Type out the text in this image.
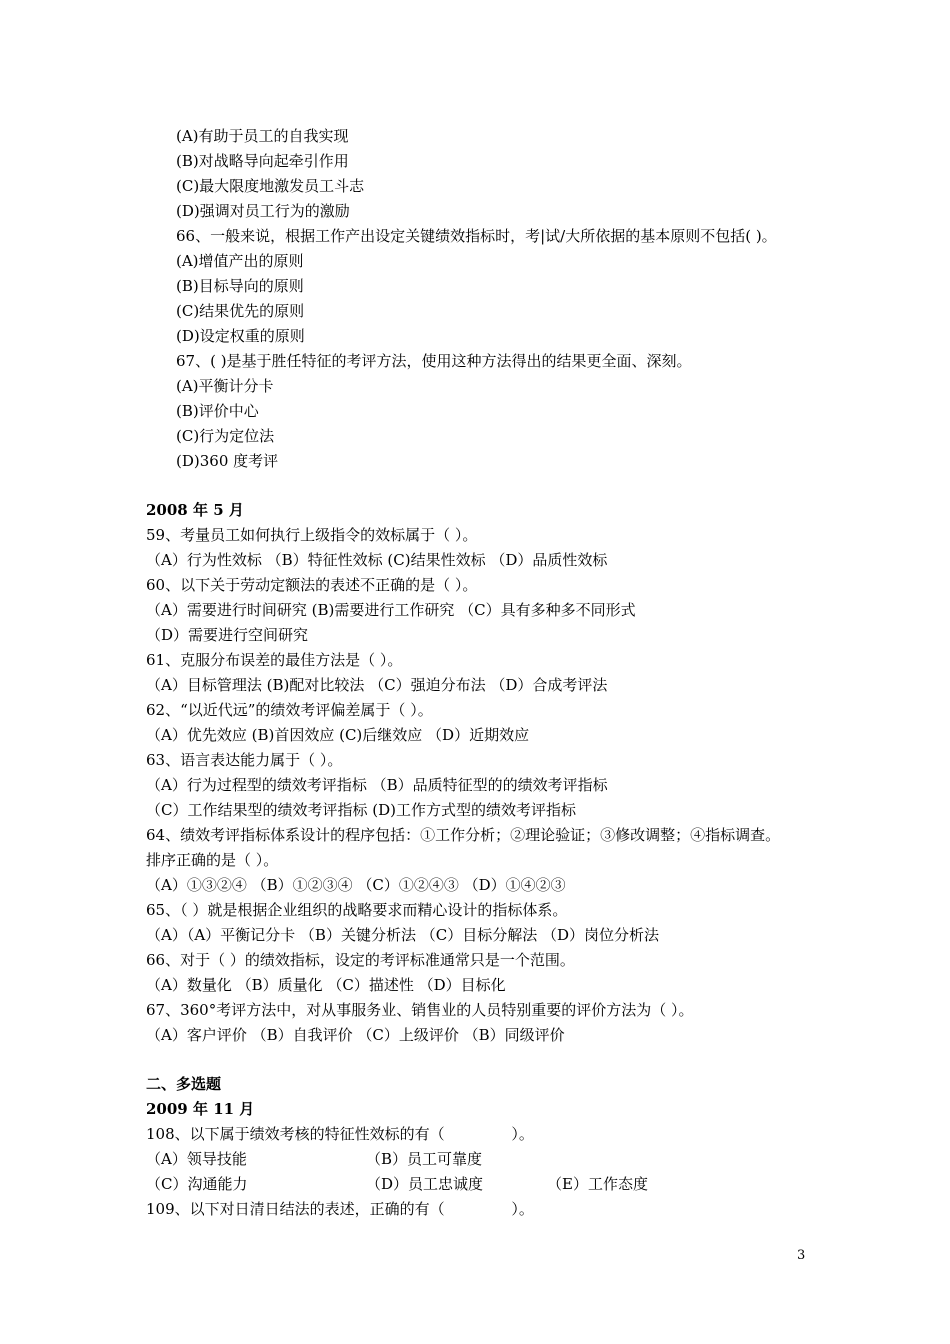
(A)有助于员工的自我实现
(B)对战略导向起牵引作用
(C)最大限度地激发员工斗志
(D)强调对员工行为的激励
66、一般来说，根据工作产出设定关键绩效指标时，考|试/大所依据的基本原则不包括( )。
(A)增值产出的原则
(B)目标导向的原则
(C)结果优先的原则
(D)设定权重的原则
67、( )是基于胜任特征的考评方法，使用这种方法得出的结果更全面、深刻。
(A)平衡计分卡
(B)评价中心
(C)行为定位法
(D)360 度考评
2008 年 5 月
59、考量员工如何执行上级指令的效标属于（ ）。
（A）行为性效标 （B）特征性效标 (C)结果性效标 （D）品质性效标
60、以下关于劳动定额法的表述不正确的是（ ）。
（A）需要进行时间研究 (B)需要进行工作研究 （C）具有多种多不同形式
（D）需要进行空间研究
61、克服分布误差的最佳方法是（ ）。
（A）目标管理法 (B)配对比较法 （C）强迫分布法 （D）合成考评法
62、“以近代远”的绩效考评偏差属于（ ）。
（A）优先效应 (B)首因效应 (C)后继效应 （D）近期效应
63、语言表达能力属于（ ）。
（A）行为过程型的绩效考评指标 （B）品质特征型的的绩效考评指标
（C）工作结果型的绩效考评指标 (D)工作方式型的绩效考评指标
64、绩效考评指标体系设计的程序包括：①工作分析；②理论验证；③修改调整；④指标调查。
排序正确的是（ ）。
（A）①③②④ （B）①②③④ （C）①②④③ （D）①④②③
65、（ ）就是根据企业组织的战略要求而精心设计的指标体系。
（A）（A）平衡记分卡 （B）关键分析法 （C）目标分解法 （D）岗位分析法
66、对于（ ）的绩效指标，设定的考评标准通常只是一个范围。
（A）数量化 （B）质量化 （C）描述性 （D）目标化
67、360°考评方法中，对从事服务业、销售业的人员特别重要的评价方法为（ ）。
（A）客户评价 （B）自我评价 （C）上级评价 （B）同级评价
二、多选题
2009 年 11 月
108、以下属于绩效考核的特征性效标的有（              ）。
（A）领导技能	（B）员工可靠度
（C）沟通能力	（D）员工忠诚度	（E）工作态度
109、以下对日清日结法的表述，正确的有（              ）。
3
